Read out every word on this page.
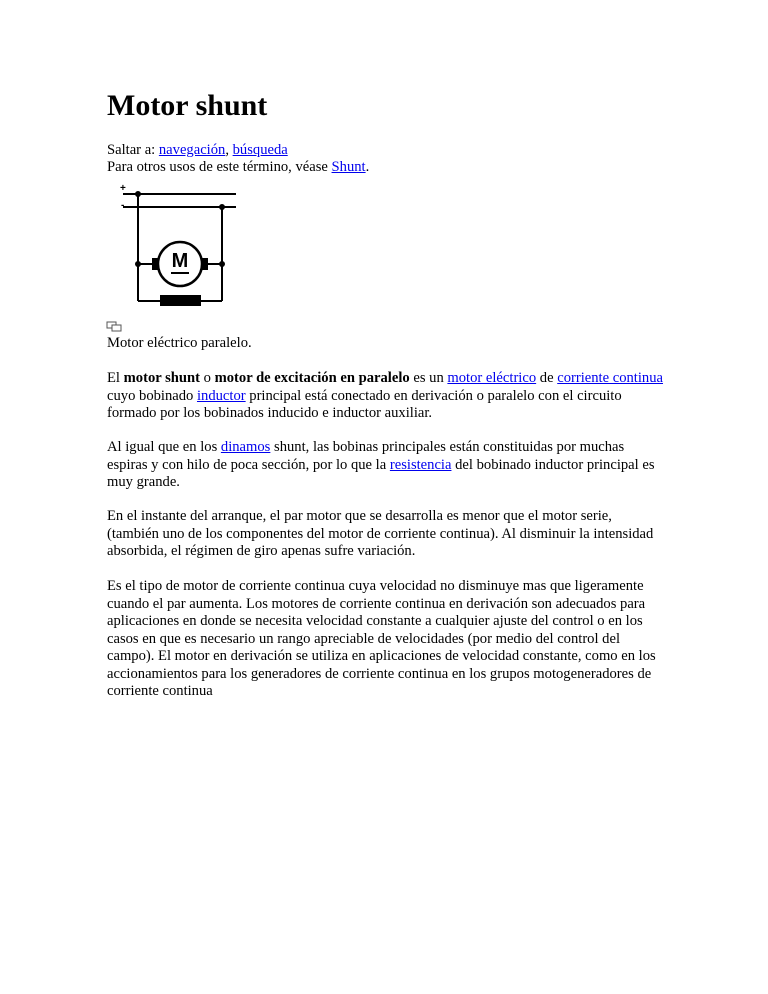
Motor shunt
Saltar a: navegación, búsqueda
Para otros usos de este término, véase Shunt.
+
-
M
Motor eléctrico paralelo.

El motor shunt o motor de excitación en paralelo es un motor eléctrico de corriente continua cuyo bobinado inductor principal está conectado en derivación o paralelo con el circuito formado por los bobinados inducido e inductor auxiliar.

Al igual que en los dinamos shunt, las bobinas principales están constituidas por muchas espiras y con hilo de poca sección, por lo que la resistencia del bobinado inductor principal es muy grande.

En el instante del arranque, el par motor que se desarrolla es menor que el motor serie, (también uno de los componentes del motor de corriente continua). Al disminuir la intensidad absorbida, el régimen de giro apenas sufre variación.

Es el tipo de motor de corriente continua cuya velocidad no disminuye mas que ligeramente cuando el par aumenta. Los motores de corriente continua en derivación son adecuados para aplicaciones en donde se necesita velocidad constante a cualquier ajuste del control o en los casos en que es necesario un rango apreciable de velocidades (por medio del control del campo). El motor en derivación se utiliza en aplicaciones de velocidad constante, como en los accionamientos para los generadores de corriente continua en los grupos motogeneradores de corriente continua
